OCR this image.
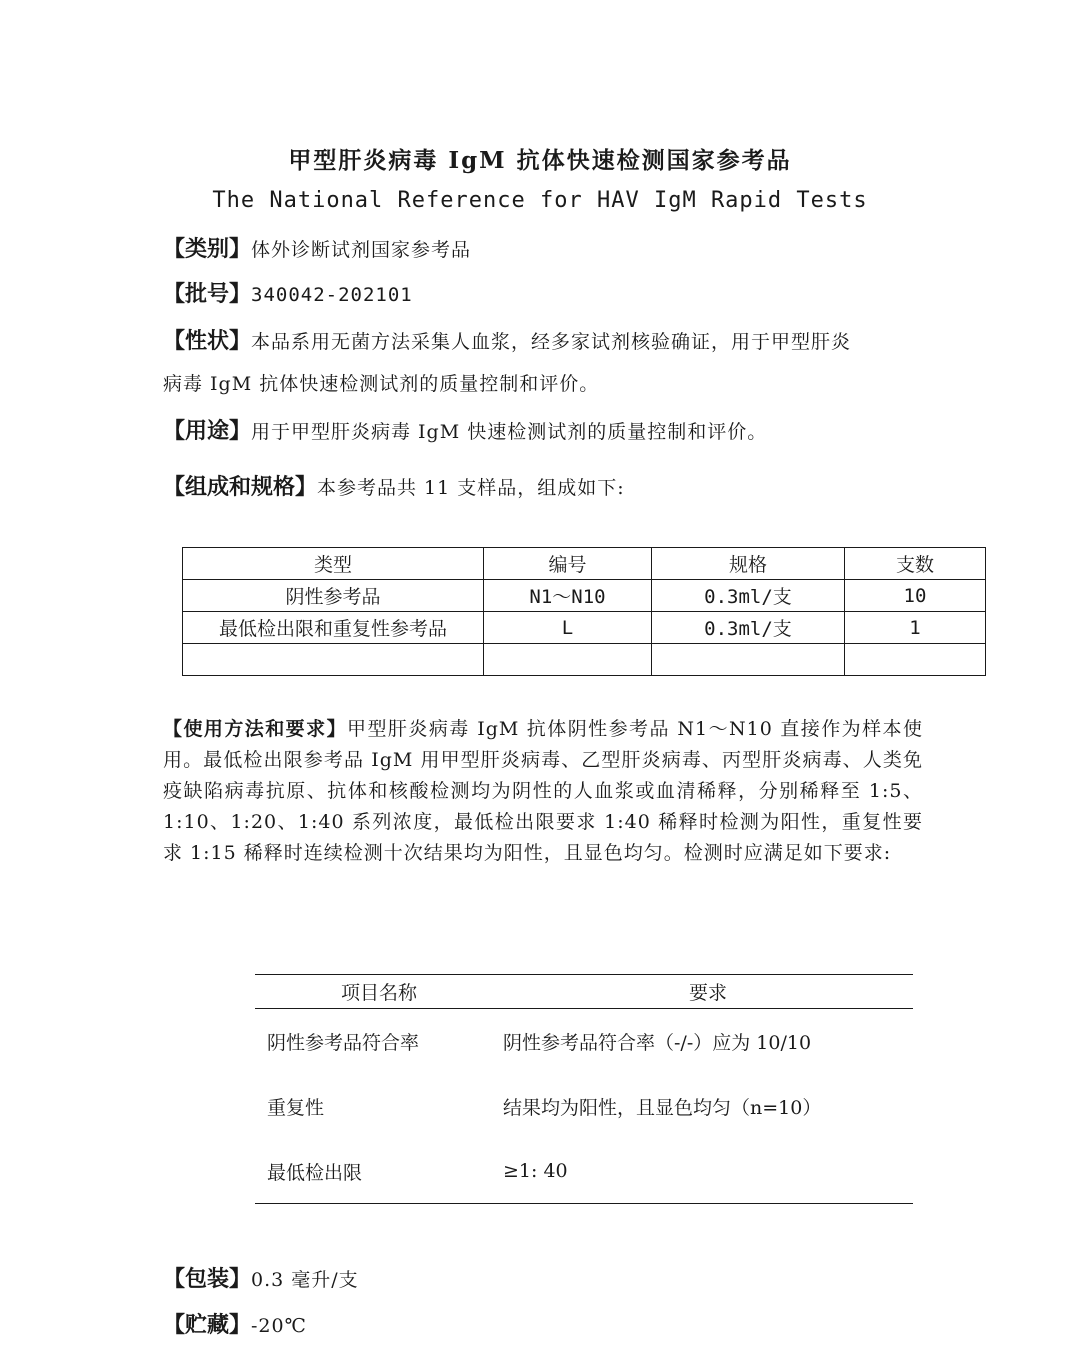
甲型肝炎病毒 IgM 抗体快速检测国家参考品
The National Reference for HAV IgM Rapid Tests
【类别】体外诊断试剂国家参考品
【批号】340042-202101
【性状】本品系用无菌方法采集人血浆，经多家试剂核验确证，用于甲型肝炎
病毒 IgM 抗体快速检测试剂的质量控制和评价。
【用途】用于甲型肝炎病毒 IgM 快速检测试剂的质量控制和评价。
【组成和规格】本参考品共 11 支样品，组成如下:
类型	编号	规格	支数
阴性参考品	N1～N10	0.3ml/支	10
最低检出限和重复性参考品	L	0.3ml/支	1

【使用方法和要求】甲型肝炎病毒 IgM 抗体阴性参考品 N1～N10 直接作为样本使用。最低检出限参考品 IgM 用甲型肝炎病毒、乙型肝炎病毒、丙型肝炎病毒、人类免疫缺陷病毒抗原、抗体和核酸检测均为阴性的人血浆或血清稀释，分别稀释至 1:5、1:10、1:20、1:40 系列浓度，最低检出限要求 1:40 稀释时检测为阳性，重复性要求 1:15 稀释时连续检测十次结果均为阳性，且显色均匀。检测时应满足如下要求:
项目名称	要求
阴性参考品符合率	阴性参考品符合率（-/-）应为 10/10
重复性	结果均为阳性，且显色均匀（n=10）
最低检出限	≥1: 40
【包装】0.3 毫升/支
【贮藏】-20℃
